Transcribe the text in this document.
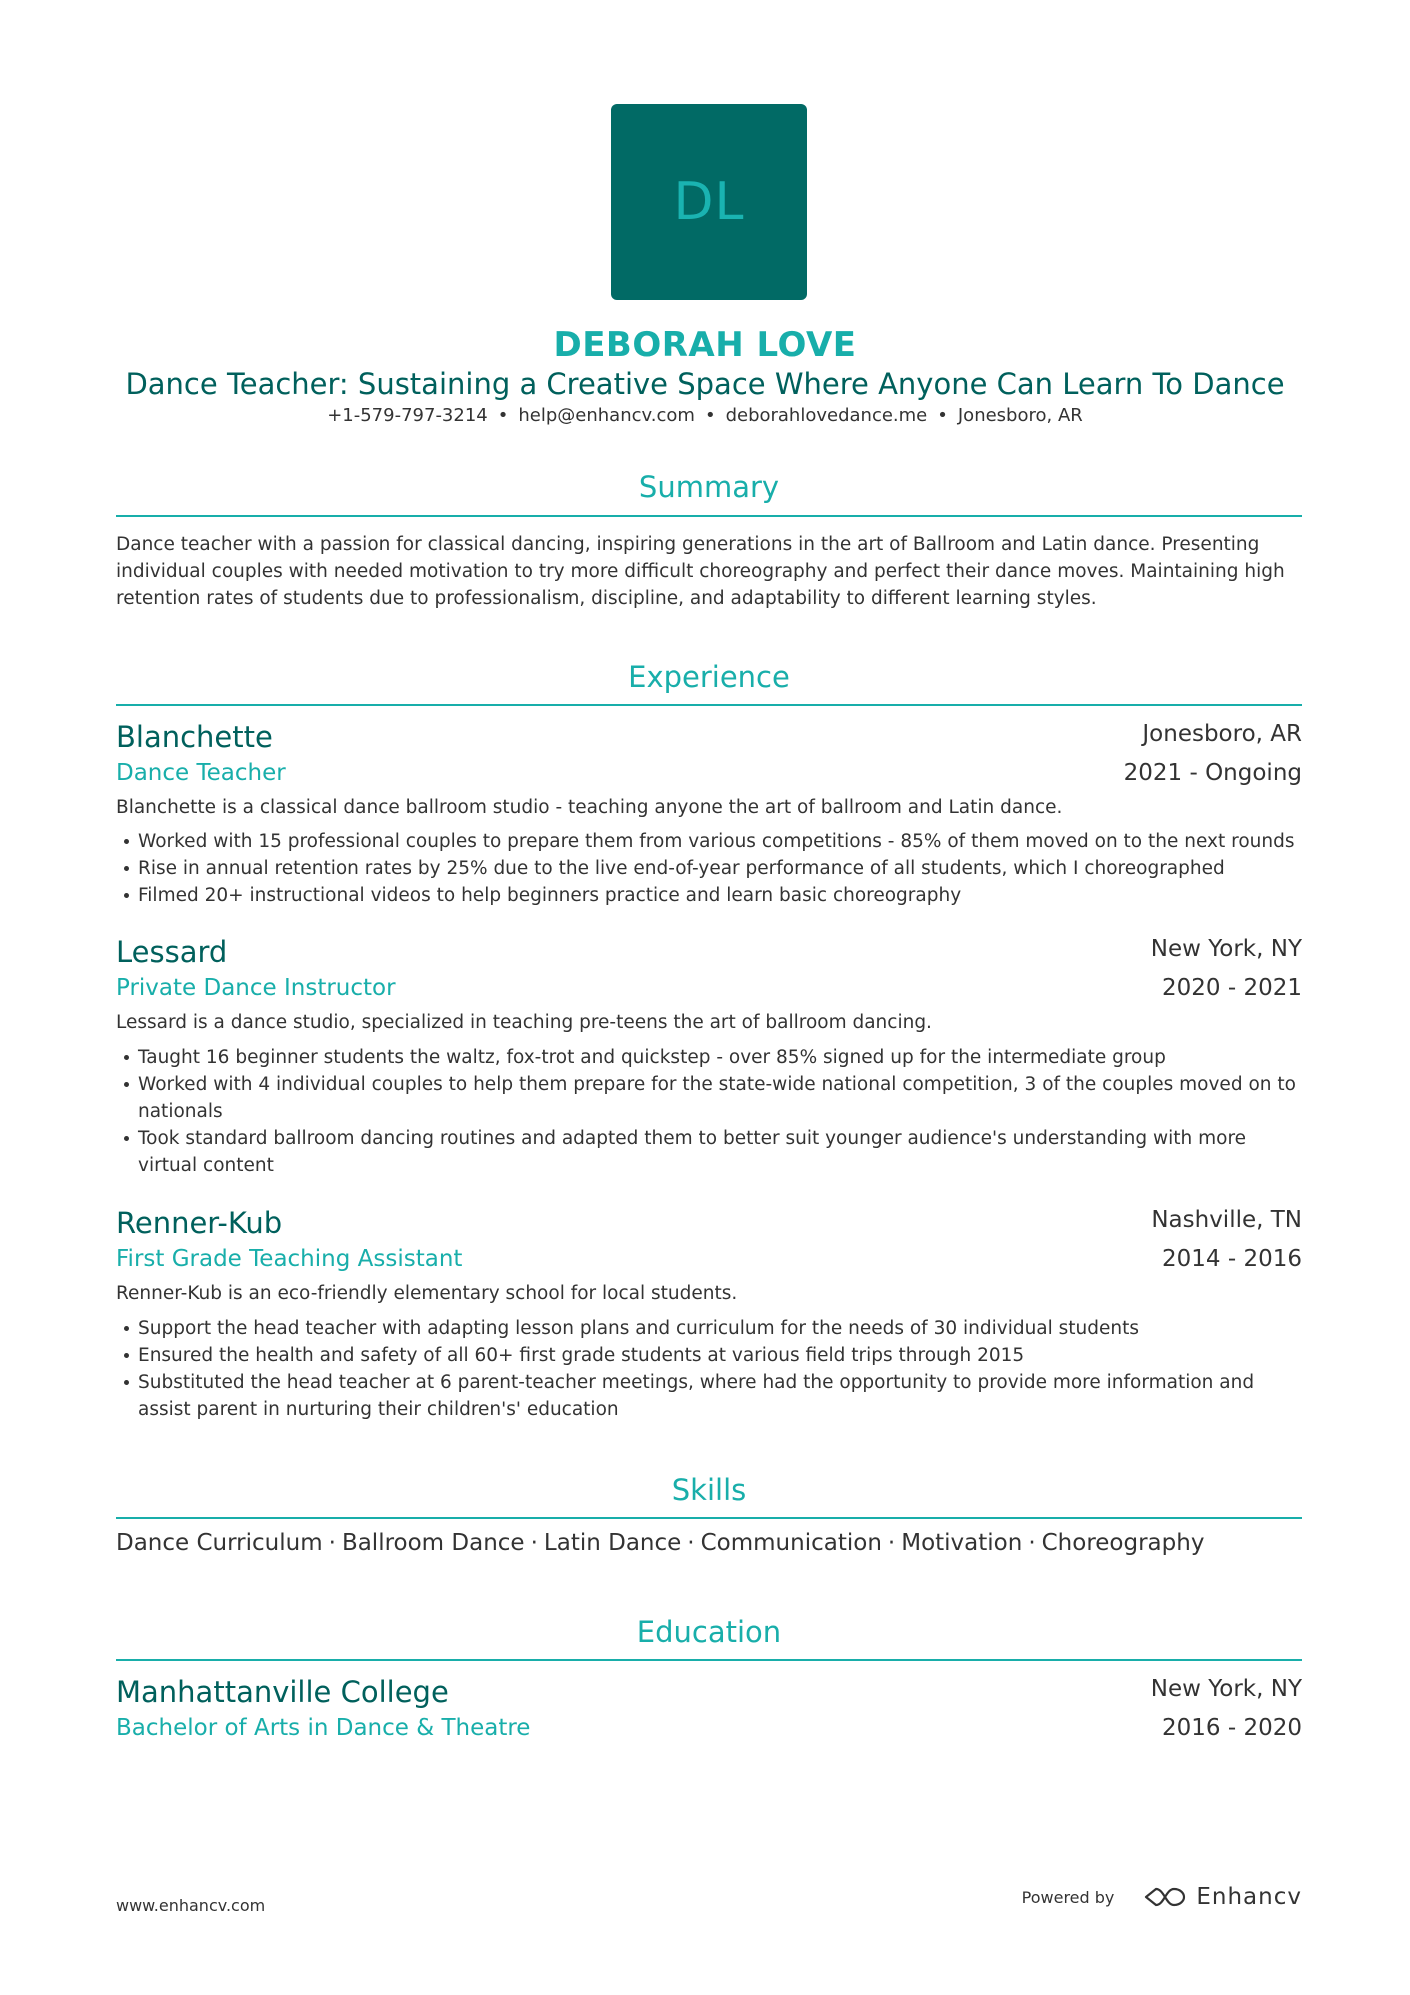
DL
DEBORAH LOVE
Dance Teacher: Sustaining a Creative Space Where Anyone Can Learn To Dance
+1-579-797-3214 • help@enhancv.com • deborahlovedance.me • Jonesboro, AR
Summary
Dance teacher with a passion for classical dancing, inspiring generations in the art of Ballroom and Latin dance. Presenting individual couples with needed motivation to try more difficult choreography and perfect their dance moves. Maintaining high retention rates of students due to professionalism, discipline, and adaptability to different learning styles.
Experience
Blanchette	Jonesboro, AR
Dance Teacher	2021 - Ongoing
Blanchette is a classical dance ballroom studio - teaching anyone the art of ballroom and Latin dance.
Worked with 15 professional couples to prepare them from various competitions - 85% of them moved on to the next rounds
Rise in annual retention rates by 25% due to the live end-of-year performance of all students, which I choreographed
Filmed 20+ instructional videos to help beginners practice and learn basic choreography
Lessard	New York, NY
Private Dance Instructor	2020 - 2021
Lessard is a dance studio, specialized in teaching pre-teens the art of ballroom dancing.
Taught 16 beginner students the waltz, fox-trot and quickstep - over 85% signed up for the intermediate group
Worked with 4 individual couples to help them prepare for the state-wide national competition, 3 of the couples moved on to nationals
Took standard ballroom dancing routines and adapted them to better suit younger audience's understanding with more virtual content
Renner-Kub	Nashville, TN
First Grade Teaching Assistant	2014 - 2016
Renner-Kub is an eco-friendly elementary school for local students.
Support the head teacher with adapting lesson plans and curriculum for the needs of 30 individual students
Ensured the health and safety of all 60+ first grade students at various field trips through 2015
Substituted the head teacher at 6 parent-teacher meetings, where had the opportunity to provide more information and assist parent in nurturing their children's' education
Skills
Dance Curriculum · Ballroom Dance · Latin Dance · Communication · Motivation · Choreography
Education
Manhattanville College	New York, NY
Bachelor of Arts in Dance & Theatre	2016 - 2020
www.enhancv.com	Powered by	Enhancv
